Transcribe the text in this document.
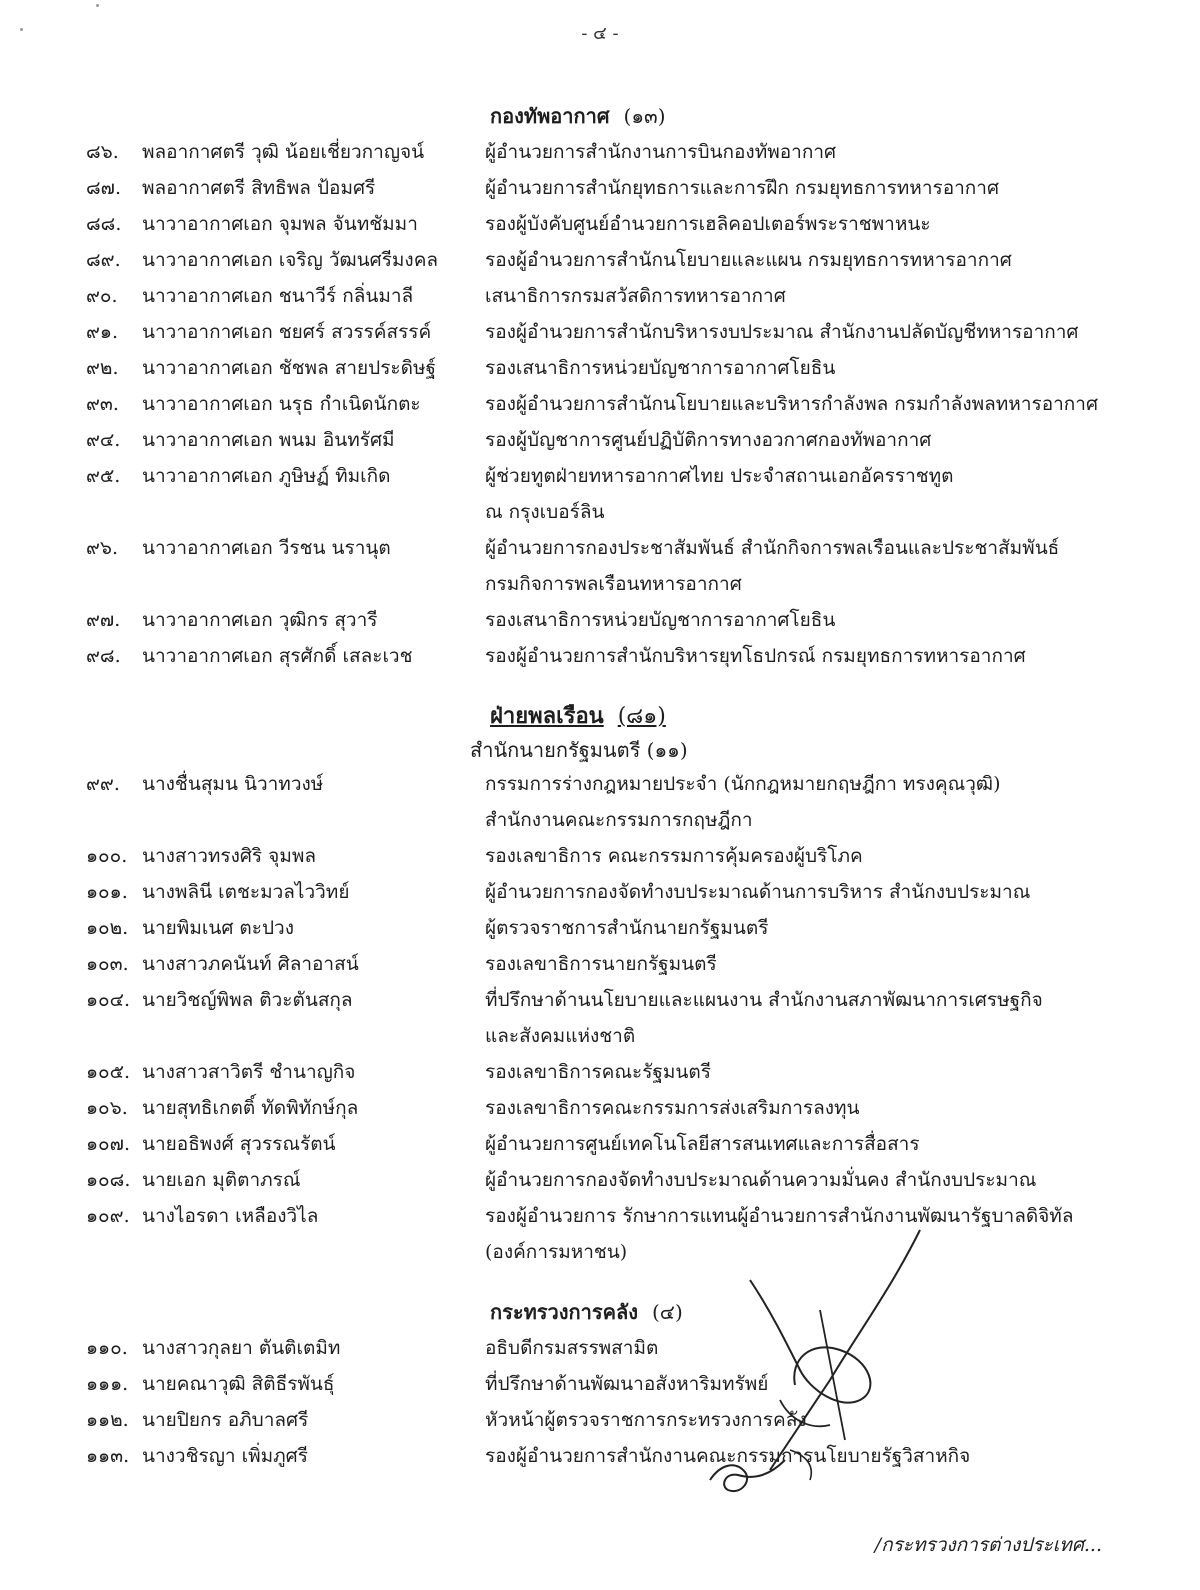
- ๔ -
กองทัพอากาศ (๑๓)
๘๖.	พลอากาศตรี วุฒิ น้อยเชี่ยวกาญจน์	ผู้อำนวยการสำนักงานการบินกองทัพอากาศ
๘๗.	พลอากาศตรี สิทธิพล ป้อมศรี	ผู้อำนวยการสำนักยุทธการและการฝึก กรมยุทธการทหารอากาศ
๘๘.	นาวาอากาศเอก จุมพล จันทชัมมา	รองผู้บังคับศูนย์อำนวยการเฮลิคอปเตอร์พระราชพาหนะ
๘๙.	นาวาอากาศเอก เจริญ วัฒนศรีมงคล	รองผู้อำนวยการสำนักนโยบายและแผน กรมยุทธการทหารอากาศ
๙๐.	นาวาอากาศเอก ชนาวีร์ กลิ่นมาลี	เสนาธิการกรมสวัสดิการทหารอากาศ
๙๑.	นาวาอากาศเอก ชยศร์ สวรรค์สรรค์	รองผู้อำนวยการสำนักบริหารงบประมาณ สำนักงานปลัดบัญชีทหารอากาศ
๙๒.	นาวาอากาศเอก ชัชพล สายประดิษฐ์	รองเสนาธิการหน่วยบัญชาการอากาศโยธิน
๙๓.	นาวาอากาศเอก นรุธ กำเนิดนักตะ	รองผู้อำนวยการสำนักนโยบายและบริหารกำลังพล กรมกำลังพลทหารอากาศ
๙๔.	นาวาอากาศเอก พนม อินทรัศมี	รองผู้บัญชาการศูนย์ปฏิบัติการทางอวกาศกองทัพอากาศ
๙๕.	นาวาอากาศเอก ภูษิษฏ์ ทิมเกิด	ผู้ช่วยทูตฝ่ายทหารอากาศไทย ประจำสถานเอกอัครราชทูต
ณ กรุงเบอร์ลิน
๙๖.	นาวาอากาศเอก วีรชน นรานุต	ผู้อำนวยการกองประชาสัมพันธ์ สำนักกิจการพลเรือนและประชาสัมพันธ์
กรมกิจการพลเรือนทหารอากาศ
๙๗.	นาวาอากาศเอก วุฒิกร สุวารี	รองเสนาธิการหน่วยบัญชาการอากาศโยธิน
๙๘.	นาวาอากาศเอก สุรศักดิ์ เสละเวช	รองผู้อำนวยการสำนักบริหารยุทโธปกรณ์ กรมยุทธการทหารอากาศ
ฝ่ายพลเรือน (๘๑)
สำนักนายกรัฐมนตรี (๑๑)
๙๙.	นางชื่นสุมน นิวาทวงษ์	กรรมการร่างกฎหมายประจำ (นักกฎหมายกฤษฎีกา ทรงคุณวุฒิ)
สำนักงานคณะกรรมการกฤษฎีกา
๑๐๐. นางสาวทรงศิริ จุมพล	รองเลขาธิการ คณะกรรมการคุ้มครองผู้บริโภค
๑๐๑. นางพลินี เตชะมวลไววิทย์	ผู้อำนวยการกองจัดทำงบประมาณด้านการบริหาร สำนักงบประมาณ
๑๐๒. นายพิมเนศ ตะปวง	ผู้ตรวจราชการสำนักนายกรัฐมนตรี
๑๐๓. นางสาวภคนันท์ ศิลาอาสน์	รองเลขาธิการนายกรัฐมนตรี
๑๐๔. นายวิชญ์พิพล ติวะตันสกุล	ที่ปรึกษาด้านนโยบายและแผนงาน สำนักงานสภาพัฒนาการเศรษฐกิจ
และสังคมแห่งชาติ
๑๐๕. นางสาวสาวิตรี ชำนาญกิจ	รองเลขาธิการคณะรัฐมนตรี
๑๐๖. นายสุทธิเกตติ์ ทัดพิทักษ์กุล	รองเลขาธิการคณะกรรมการส่งเสริมการลงทุน
๑๐๗. นายอธิพงศ์ สุวรรณรัตน์	ผู้อำนวยการศูนย์เทคโนโลยีสารสนเทศและการสื่อสาร
๑๐๘. นายเอก มุติตาภรณ์	ผู้อำนวยการกองจัดทำงบประมาณด้านความมั่นคง สำนักงบประมาณ
๑๐๙. นางไอรดา เหลืองวิไล	รองผู้อำนวยการ รักษาการแทนผู้อำนวยการสำนักงานพัฒนารัฐบาลดิจิทัล
(องค์การมหาชน)
กระทรวงการคลัง (๔)
๑๑๐. นางสาวกุลยา ตันติเตมิท	อธิบดีกรมสรรพสามิต
๑๑๑. นายคณาวุฒิ สิติธีรพันธุ์	ที่ปรึกษาด้านพัฒนาอสังหาริมทรัพย์
๑๑๒. นายปิยกร อภิบาลศรี	หัวหน้าผู้ตรวจราชการกระทรวงการคลัง
๑๑๓. นางวชิรญา เพิ่มภูศรี	รองผู้อำนวยการสำนักงานคณะกรรมการนโยบายรัฐวิสาหกิจ
/กระทรวงการต่างประเทศ...
